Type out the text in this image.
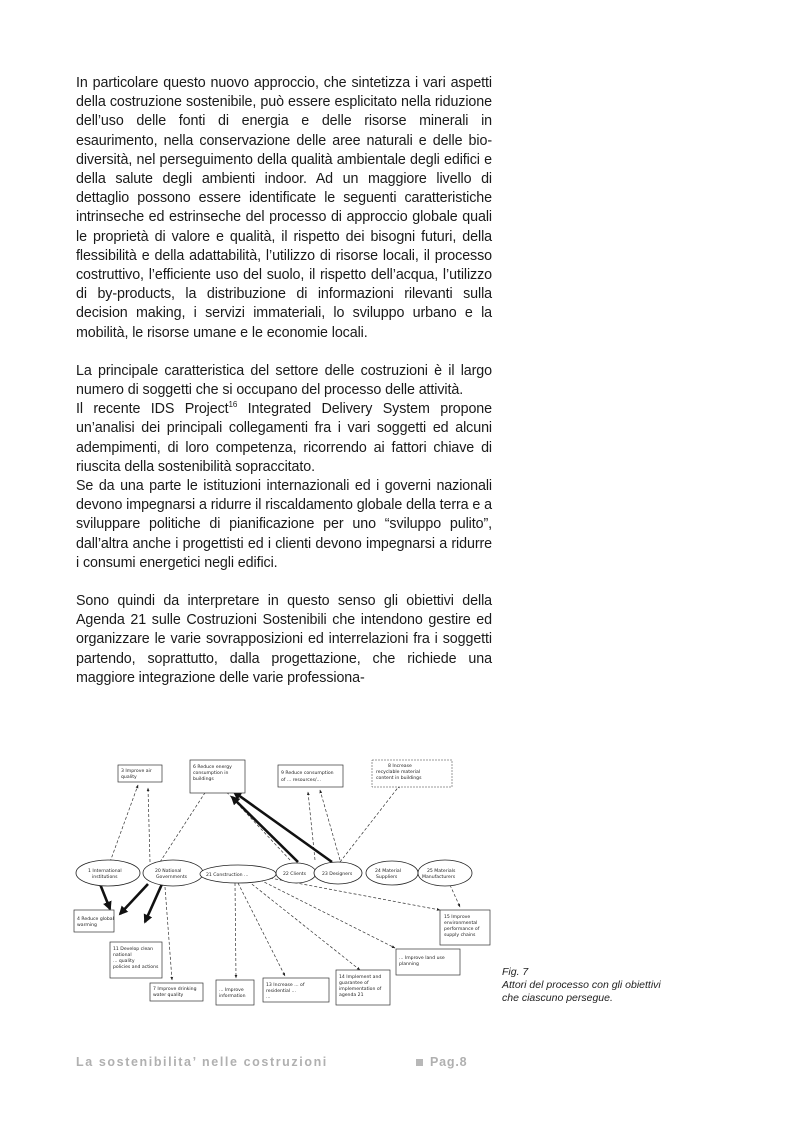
In particolare questo nuovo approccio, che sintetizza i vari aspetti della costruzione sostenibile, può essere esplicitato nella riduzione dell’uso delle fonti di energia e delle risorse minerali in esaurimento, nella conservazione delle aree naturali e delle bio-diversità, nel perseguimento della qualità ambientale degli edifici e della salute degli ambienti indoor. Ad un maggiore livello di dettaglio possono essere identificate le seguenti caratteristiche intrinseche ed estrinseche del processo di approccio globale quali le proprietà di valore e qualità, il rispetto dei bisogni futuri, della flessibilità e della adattabilità, l’utilizzo di risorse locali, il processo costruttivo, l’efficiente uso del suolo, il rispetto dell’acqua, l’utilizzo di by-products, la distribuzione di informazioni rilevanti sulla decision making, i servizi immateriali, lo sviluppo urbano e la mobilità, le risorse umane e le economie locali.

La principale caratteristica del settore delle costruzioni è il largo numero di soggetti che si occupano del processo delle attività.

Il recente IDS Project$^{16}$ Integrated Delivery System propone un’analisi dei principali collegamenti fra i vari soggetti ed alcuni adempimenti, di loro competenza, ricorrendo ai fattori chiave di riuscita della sostenibilità sopraccitato.

Se da una parte le istituzioni internazionali ed i governi nazionali devono impegnarsi a ridurre il riscaldamento globale della terra e a sviluppare politiche di pianificazione per uno “sviluppo pulito”, dall’altra anche i progettisti ed i clienti devono impegnarsi a ridurre i consumi energetici negli edifici.

Sono quindi da interpretare in questo senso gli obiettivi della Agenda 21 sulle Costruzioni Sostenibili che intendono gestire ed organizzare le varie sovrapposizioni ed interrelazioni fra i soggetti partendo, soprattutto, dalla progettazione, che richiede una maggiore integrazione delle varie professiona-

3 Improve air
quality
6 Reduce energy
consumption in
buildings
9 Reduce consumption
of ... resources/...
8 Increase
recyclable material
content in buildings
1 International
institutions
20 National
Governments	21 Construction ...	22 Clients	23 Designers
24 Material
Suppliers
25 Materials
Manufacturers
4 Reduce global
warming
11 Develop clean
national
... quality
policies and actions
7 Improve drinking
water quality
... Improve
information
13 Increase ... of
residential ...
...
14 Implement and
guarantee of
implementation of
agenda 21
... Improve land use
planning
15 Improve
environmental
performance of
supply chains
Fig. 7
Attori del processo con gli obiettivi
che ciascuno persegue.
La sostenibilita’ nelle costruzioni	Pag.8
